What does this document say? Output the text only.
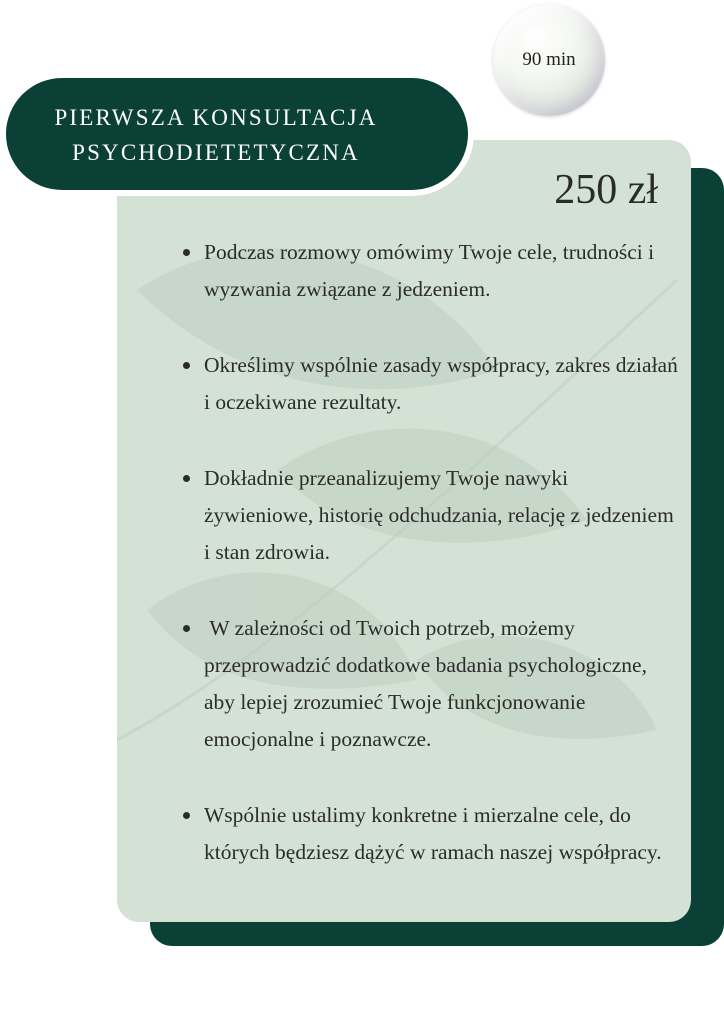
PIERWSZA KONSULTACJA
PSYCHODIETETYCZNA
90 min
250 zł
Podczas rozmowy omówimy Twoje cele, trudności i wyzwania związane z jedzeniem.
Określimy wspólnie zasady współpracy, zakres działań i oczekiwane rezultaty.
Dokładnie przeanalizujemy Twoje nawyki żywieniowe, historię odchudzania, relację z jedzeniem i stan zdrowia.
W zależności od Twoich potrzeb, możemy przeprowadzić dodatkowe badania psychologiczne, aby lepiej zrozumieć Twoje funkcjonowanie emocjonalne i poznawcze.
Wspólnie ustalimy konkretne i mierzalne cele, do których będziesz dążyć w ramach naszej współpracy.
